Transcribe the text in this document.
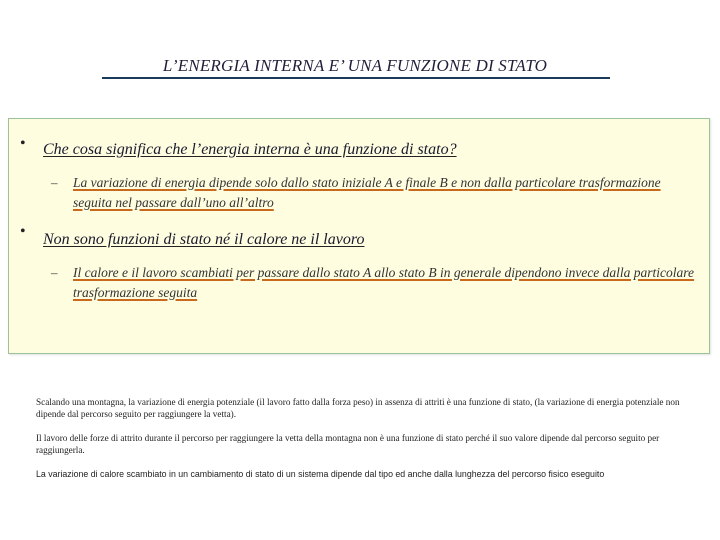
L’ENERGIA INTERNA E’ UNA FUNZIONE DI STATO
• Che cosa significa che l’energia interna è una funzione di stato?
– La variazione di energia dipende solo dallo stato iniziale A e finale B e non dalla particolare trasformazione seguita nel passare dall’uno all’altro
• Non sono funzioni di stato né il calore ne il lavoro
– Il calore e il lavoro scambiati per passare dallo stato A allo stato B in generale dipendono invece dalla particolare trasformazione seguita
Scalando una montagna, la variazione di energia potenziale (il lavoro fatto dalla forza peso) in assenza di attriti è una funzione di stato, (la variazione di energia potenziale non dipende dal percorso seguito per raggiungere la vetta).
Il lavoro delle forze di attrito durante il percorso per raggiungere la vetta della montagna non è una funzione di stato perché il suo valore dipende dal percorso seguito per raggiungerla.
La variazione di calore scambiato in un cambiamento di stato di un sistema dipende dal tipo ed anche dalla lunghezza del percorso fisico eseguito
